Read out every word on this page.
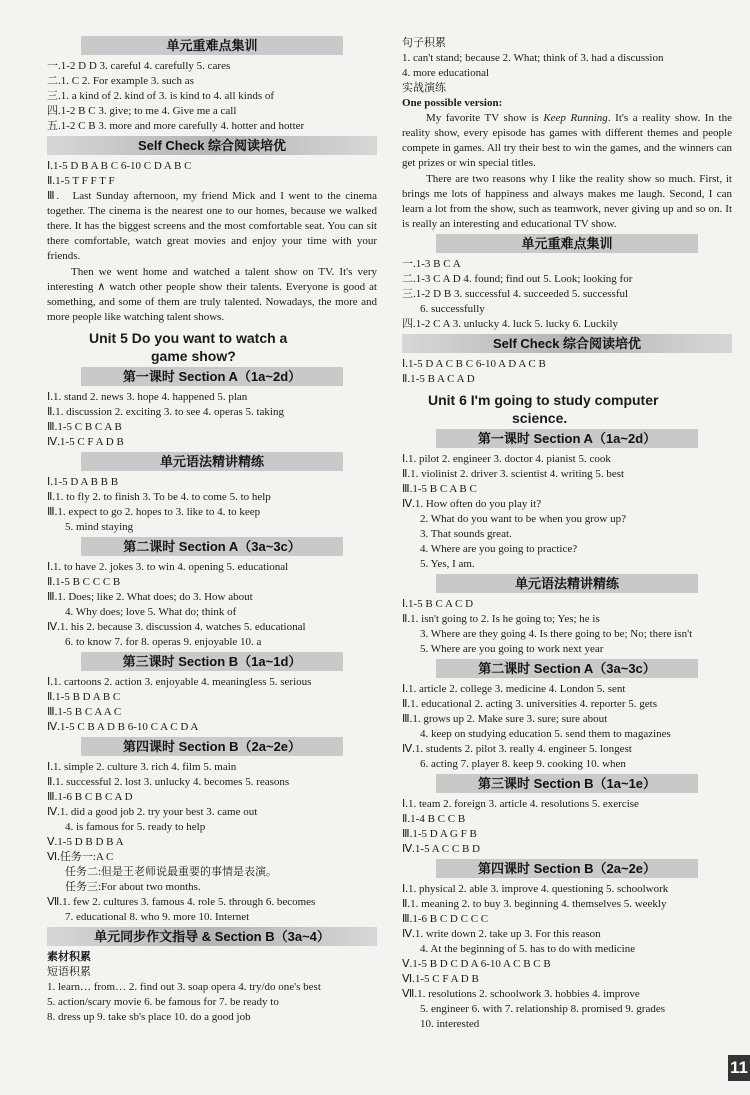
单元重难点集训
一.1-2 D D 3. careful 4. carefully 5. cares
二.1. C 2. For example 3. such as
三.1. a kind of 2. kind of 3. is kind to 4. all kinds of
四.1-2 B C 3. give; to me 4. Give me a call
五.1-2 C B 3. more and more carefully 4. hotter and hotter
Self Check 综合阅读培优
Ⅰ.1-5 D B A B C 6-10 C D A B C
Ⅱ.1-5 T F F T F

Ⅲ. Last Sunday afternoon, my friend Mick and I went to the cinema together. The cinema is the nearest one to our homes, because we walked there. It has the biggest screens and the most comfortable seat. You can sit there comfortable, watch great movies and enjoy your time with your friends.

Then we went home and watched a talent show on TV. It's very interesting ∧ watch other people show their talents. Everyone is good at something, and some of them are truly talented. Nowadays, the more and more people like watching talent shows.

Unit 5 Do you want to watch a
game show?
第一课时 Section A（1a~2d）
Ⅰ.1. stand 2. news 3. hope 4. happened 5. plan
Ⅱ.1. discussion 2. exciting 3. to see 4. operas 5. taking
Ⅲ.1-5 C B C A B
Ⅳ.1-5 C F A D B
单元语法精讲精练
Ⅰ.1-5 D A B B B
Ⅱ.1. to fly 2. to finish 3. To be 4. to come 5. to help
Ⅲ.1. expect to go 2. hopes to 3. like to 4. to keep
5. mind staying
第二课时 Section A（3a~3c）
Ⅰ.1. to have 2. jokes 3. to win 4. opening 5. educational
Ⅱ.1-5 B C C C B
Ⅲ.1. Does; like 2. What does; do 3. How about
4. Why does; love 5. What do; think of
Ⅳ.1. his 2. because 3. discussion 4. watches 5. educational
6. to know 7. for 8. operas 9. enjoyable 10. a
第三课时 Section B（1a~1d）
Ⅰ.1. cartoons 2. action 3. enjoyable 4. meaningless 5. serious
Ⅱ.1-5 B D A B C
Ⅲ.1-5 B C A A C
Ⅳ.1-5 C B A D B 6-10 C A C D A
第四课时 Section B（2a~2e）
Ⅰ.1. simple 2. culture 3. rich 4. film 5. main
Ⅱ.1. successful 2. lost 3. unlucky 4. becomes 5. reasons
Ⅲ.1-6 B C B C A D
Ⅳ.1. did a good job 2. try your best 3. came out
4. is famous for 5. ready to help
Ⅴ.1-5 D B D B A
Ⅵ.任务一:A C
任务二:但是王老师说最重要的事情是表演。
任务三:For about two months.
Ⅶ.1. few 2. cultures 3. famous 4. role 5. through 6. becomes
7. educational 8. who 9. more 10. Internet
单元同步作文指导 & Section B（3a~4）
素材积累
短语积累
1. learn… from… 2. find out 3. soap opera 4. try/do one's best
5. action/scary movie 6. be famous for 7. be ready to
8. dress up 9. take sb's place 10. do a good job
句子积累
1. can't stand; because 2. What; think of 3. had a discussion
4. more educational
实战演练
One possible version:

My favorite TV show is Keep Running. It's a reality show. In the reality show, every episode has games with different themes and people compete in games. All try their best to win the games, and the winners can get prizes or win special titles.

There are two reasons why I like the reality show so much. First, it brings me lots of happiness and always makes me laugh. Second, I can learn a lot from the show, such as teamwork, never giving up and so on. It is really an interesting and educational TV show.

单元重难点集训
一.1-3 B C A
二.1-3 C A D 4. found; find out 5. Look; looking for
三.1-2 D B 3. successful 4. succeeded 5. successful
6. successfully
四.1-2 C A 3. unlucky 4. luck 5. lucky 6. Luckily
Self Check 综合阅读培优
Ⅰ.1-5 D A C B C 6-10 A D A C B
Ⅱ.1-5 B A C A D
Unit 6 I'm going to study computer
science.
第一课时 Section A（1a~2d）
Ⅰ.1. pilot 2. engineer 3. doctor 4. pianist 5. cook
Ⅱ.1. violinist 2. driver 3. scientist 4. writing 5. best
Ⅲ.1-5 B C A B C
Ⅳ.1. How often do you play it?
2. What do you want to be when you grow up?
3. That sounds great.
4. Where are you going to practice?
5. Yes, I am.
单元语法精讲精练
Ⅰ.1-5 B C A C D
Ⅱ.1. isn't going to 2. Is he going to; Yes; he is
3. Where are they going 4. Is there going to be; No; there isn't
5. Where are you going to work next year
第二课时 Section A（3a~3c）
Ⅰ.1. article 2. college 3. medicine 4. London 5. sent
Ⅱ.1. educational 2. acting 3. universities 4. reporter 5. gets
Ⅲ.1. grows up 2. Make sure 3. sure; sure about
4. keep on studying education 5. send them to magazines
Ⅳ.1. students 2. pilot 3. really 4. engineer 5. longest
6. acting 7. player 8. keep 9. cooking 10. when
第三课时 Section B（1a~1e）
Ⅰ.1. team 2. foreign 3. article 4. resolutions 5. exercise
Ⅱ.1-4 B C C B
Ⅲ.1-5 D A G F B
Ⅳ.1-5 A C C B D
第四课时 Section B（2a~2e）
Ⅰ.1. physical 2. able 3. improve 4. questioning 5. schoolwork
Ⅱ.1. meaning 2. to buy 3. beginning 4. themselves 5. weekly
Ⅲ.1-6 B C D C C C
Ⅳ.1. write down 2. take up 3. For this reason
4. At the beginning of 5. has to do with medicine
Ⅴ.1-5 B D C D A 6-10 A C B C B
Ⅵ.1-5 C F A D B
Ⅶ.1. resolutions 2. schoolwork 3. hobbies 4. improve
5. engineer 6. with 7. relationship 8. promised 9. grades
10. interested
11
